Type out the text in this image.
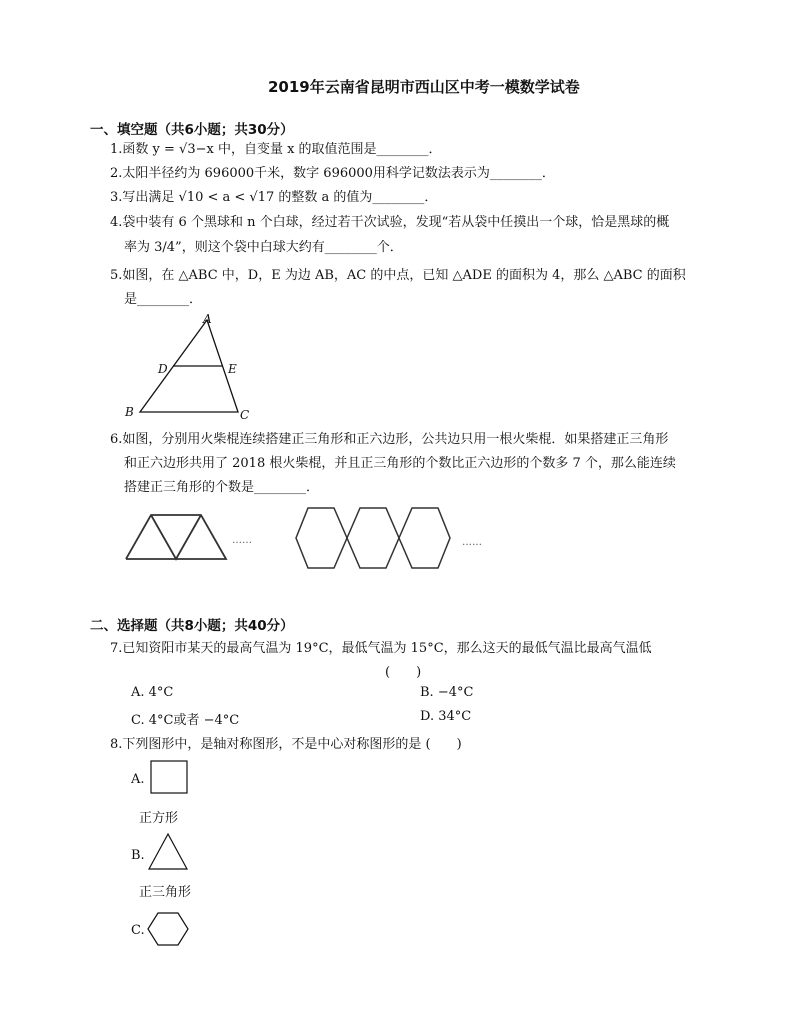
2019年云南省昆明市西山区中考一模数学试卷
一、填空题（共6小题；共30分）
1.函数 y = √3−x 中，自变量 x 的取值范围是________．
2.太阳半径约为 696000千米，数字 696000用科学记数法表示为________．
3.写出满足 √10 < a < √17 的整数 a 的值为________．
4.袋中装有 6 个黑球和 n 个白球，经过若干次试验，发现“若从袋中任摸出一个球，恰是黑球的概
率为 3/4”，则这个袋中白球大约有________个．
5.如图，在 △ABC 中，D，E 为边 AB，AC 的中点，已知 △ADE 的面积为 4，那么 △ABC 的面积
是________．
A
B	C
D	E
6.如图，分别用火柴棍连续搭建正三角形和正六边形，公共边只用一根火柴棍．如果搭建正三角形
和正六边形共用了 2018 根火柴棍，并且正三角形的个数比正六边形的个数多 7 个，那么能连续
搭建正三角形的个数是________．
……	……
二、选择题（共8小题；共40分）
7.已知资阳市某天的最高气温为 19°C，最低气温为 15°C，那么这天的最低气温比最高气温低
(　　)
A. 4°C	B. −4°C
C. 4°C或者 −4°C	D. 34°C
8.下列图形中，是轴对称图形，不是中心对称图形的是 (　　)
A.
正方形
B.
正三角形
C.
